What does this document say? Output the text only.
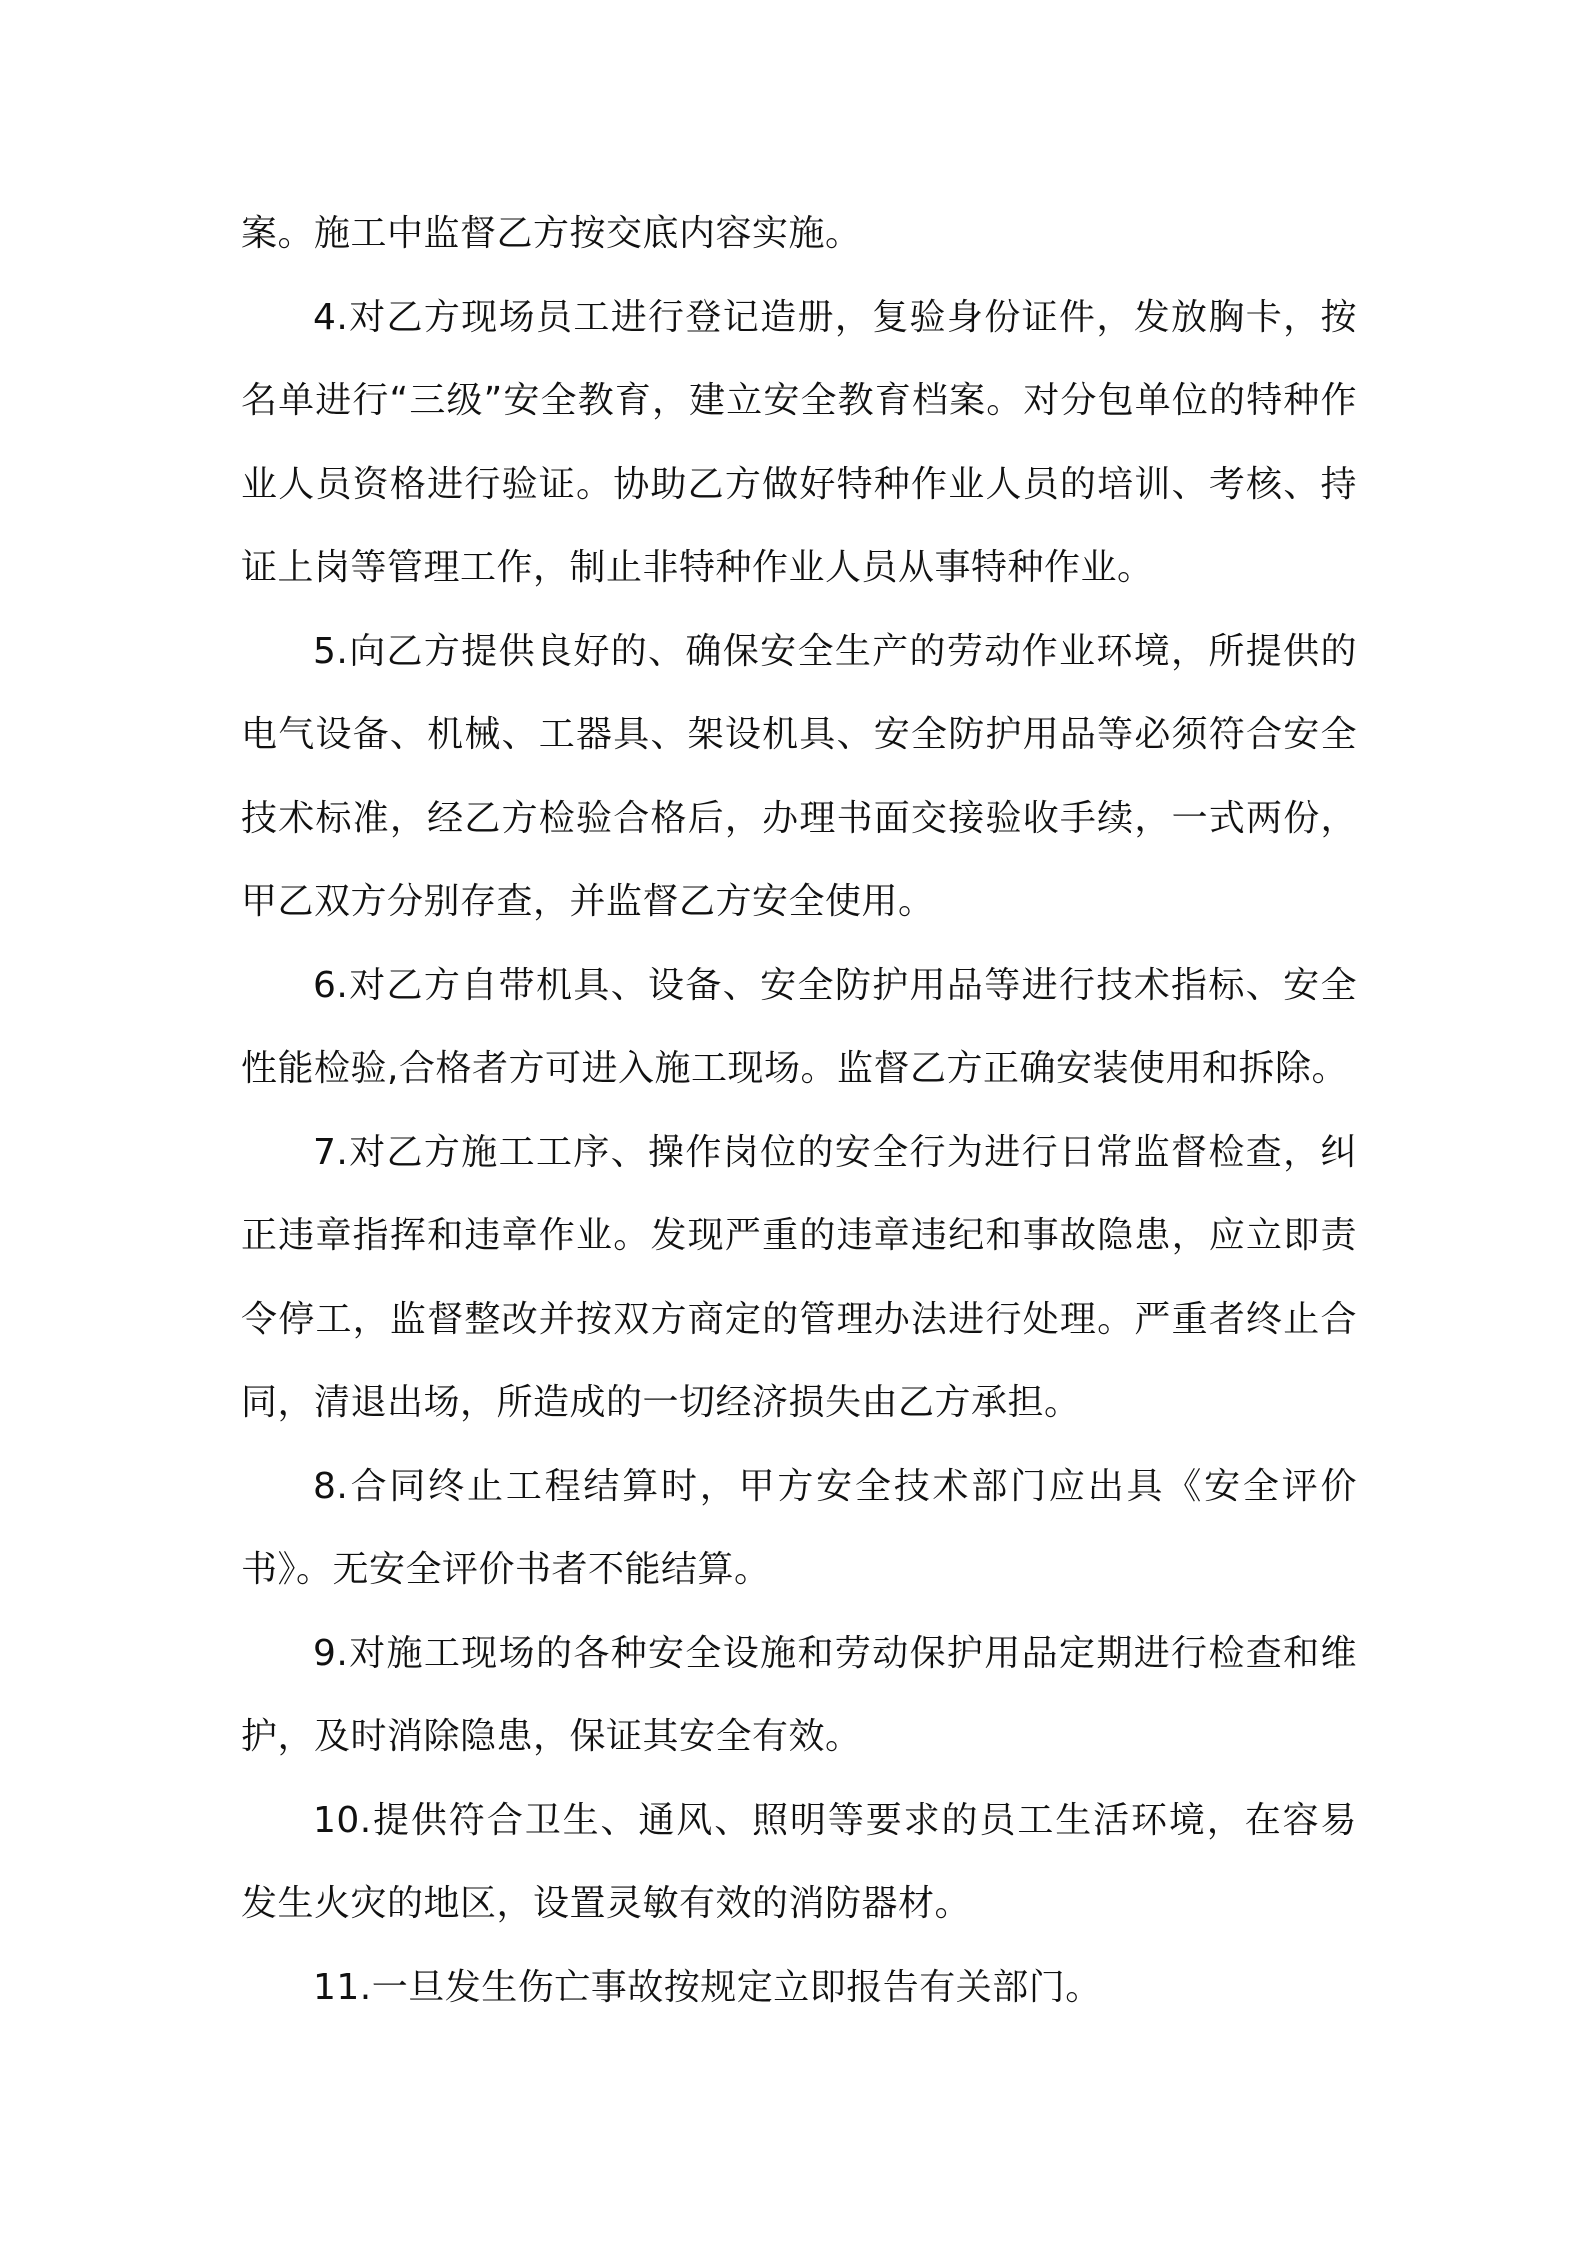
案。施工中监督乙方按交底内容实施。

4.对乙方现场员工进行登记造册，复验身份证件，发放胸卡，按名单进行“三级”安全教育，建立安全教育档案。对分包单位的特种作业人员资格进行验证。协助乙方做好特种作业人员的培训、考核、持证上岗等管理工作，制止非特种作业人员从事特种作业。

5.向乙方提供良好的、确保安全生产的劳动作业环境，所提供的电气设备、机械、工器具、架设机具、安全防护用品等必须符合安全技术标准，经乙方检验合格后，办理书面交接验收手续，一式两份，甲乙双方分别存查，并监督乙方安全使用。

6.对乙方自带机具、设备、安全防护用品等进行技术指标、安全性能检验,合格者方可进入施工现场。监督乙方正确安装使用和拆除。

7.对乙方施工工序、操作岗位的安全行为进行日常监督检查，纠正违章指挥和违章作业。发现严重的违章违纪和事故隐患，应立即责令停工，监督整改并按双方商定的管理办法进行处理。严重者终止合同，清退出场，所造成的一切经济损失由乙方承担。

8.合同终止工程结算时，甲方安全技术部门应出具《安全评价书》。无安全评价书者不能结算。

9.对施工现场的各种安全设施和劳动保护用品定期进行检查和维护，及时消除隐患，保证其安全有效。

10.提供符合卫生、通风、照明等要求的员工生活环境，在容易发生火灾的地区，设置灵敏有效的消防器材。

11.一旦发生伤亡事故按规定立即报告有关部门。
